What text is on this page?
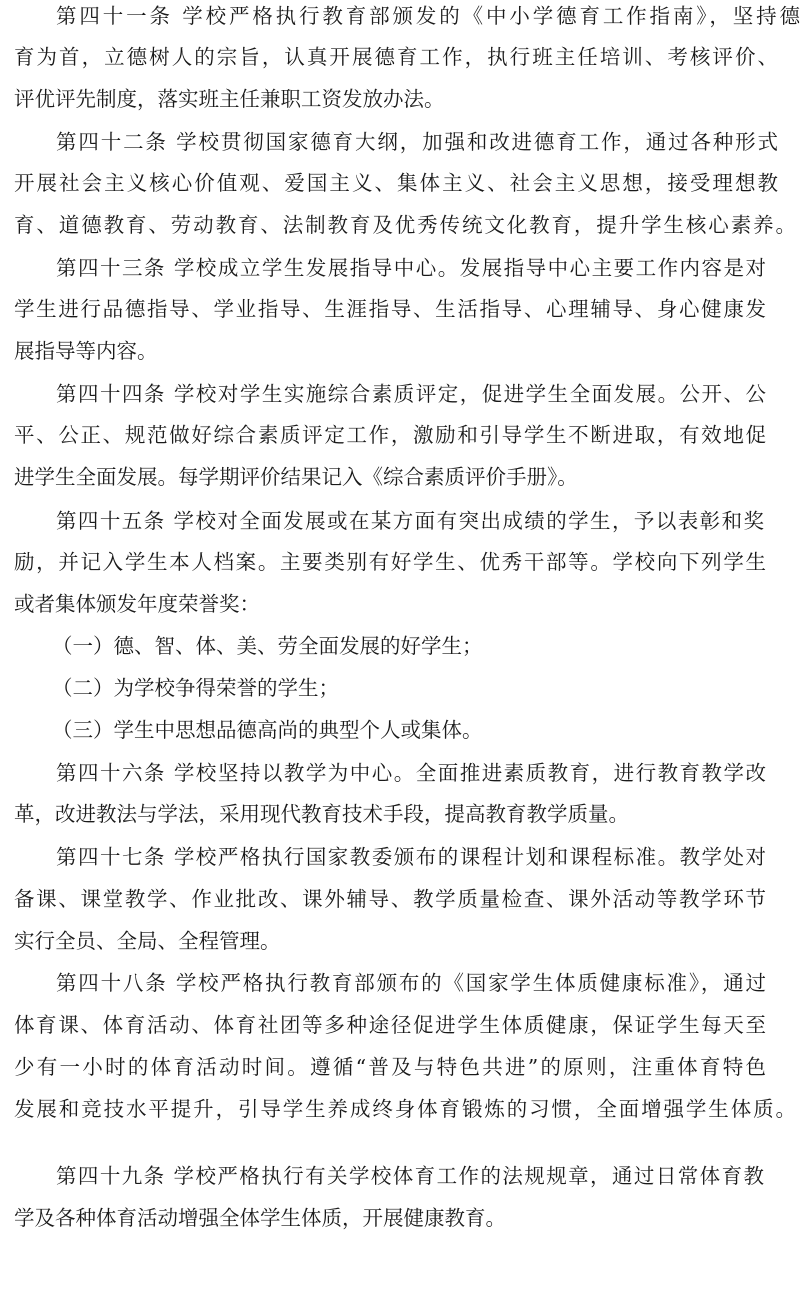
第四十一条 学校严格执行教育部颁发的《中小学德育工作指南》，坚持德
育为首，立德树人的宗旨，认真开展德育工作，执行班主任培训、考核评价、
评优评先制度，落实班主任兼职工资发放办法。
第四十二条 学校贯彻国家德育大纲，加强和改进德育工作，通过各种形式
开展社会主义核心价值观、爱国主义、集体主义、社会主义思想，接受理想教
育、道德教育、劳动教育、法制教育及优秀传统文化教育，提升学生核心素养。
第四十三条 学校成立学生发展指导中心。发展指导中心主要工作内容是对
学生进行品德指导、学业指导、生涯指导、生活指导、心理辅导、身心健康发
展指导等内容。
第四十四条 学校对学生实施综合素质评定，促进学生全面发展。公开、公
平、公正、规范做好综合素质评定工作，激励和引导学生不断进取，有效地促
进学生全面发展。每学期评价结果记入《综合素质评价手册》。
第四十五条 学校对全面发展或在某方面有突出成绩的学生，予以表彰和奖
励，并记入学生本人档案。主要类别有好学生、优秀干部等。学校向下列学生
或者集体颁发年度荣誉奖：
（一）德、智、体、美、劳全面发展的好学生；
（二）为学校争得荣誉的学生；
（三）学生中思想品德高尚的典型个人或集体。
第四十六条 学校坚持以教学为中心。全面推进素质教育，进行教育教学改
革，改进教法与学法，采用现代教育技术手段，提高教育教学质量。
第四十七条 学校严格执行国家教委颁布的课程计划和课程标准。教学处对
备课、课堂教学、作业批改、课外辅导、教学质量检查、课外活动等教学环节
实行全员、全局、全程管理。
第四十八条 学校严格执行教育部颁布的《国家学生体质健康标准》，通过
体育课、体育活动、体育社团等多种途径促进学生体质健康，保证学生每天至
少有一小时的体育活动时间。遵循“普及与特色共进”的原则，注重体育特色
发展和竞技水平提升，引导学生养成终身体育锻炼的习惯，全面增强学生体质。
第四十九条 学校严格执行有关学校体育工作的法规规章，通过日常体育教
学及各种体育活动增强全体学生体质，开展健康教育。
